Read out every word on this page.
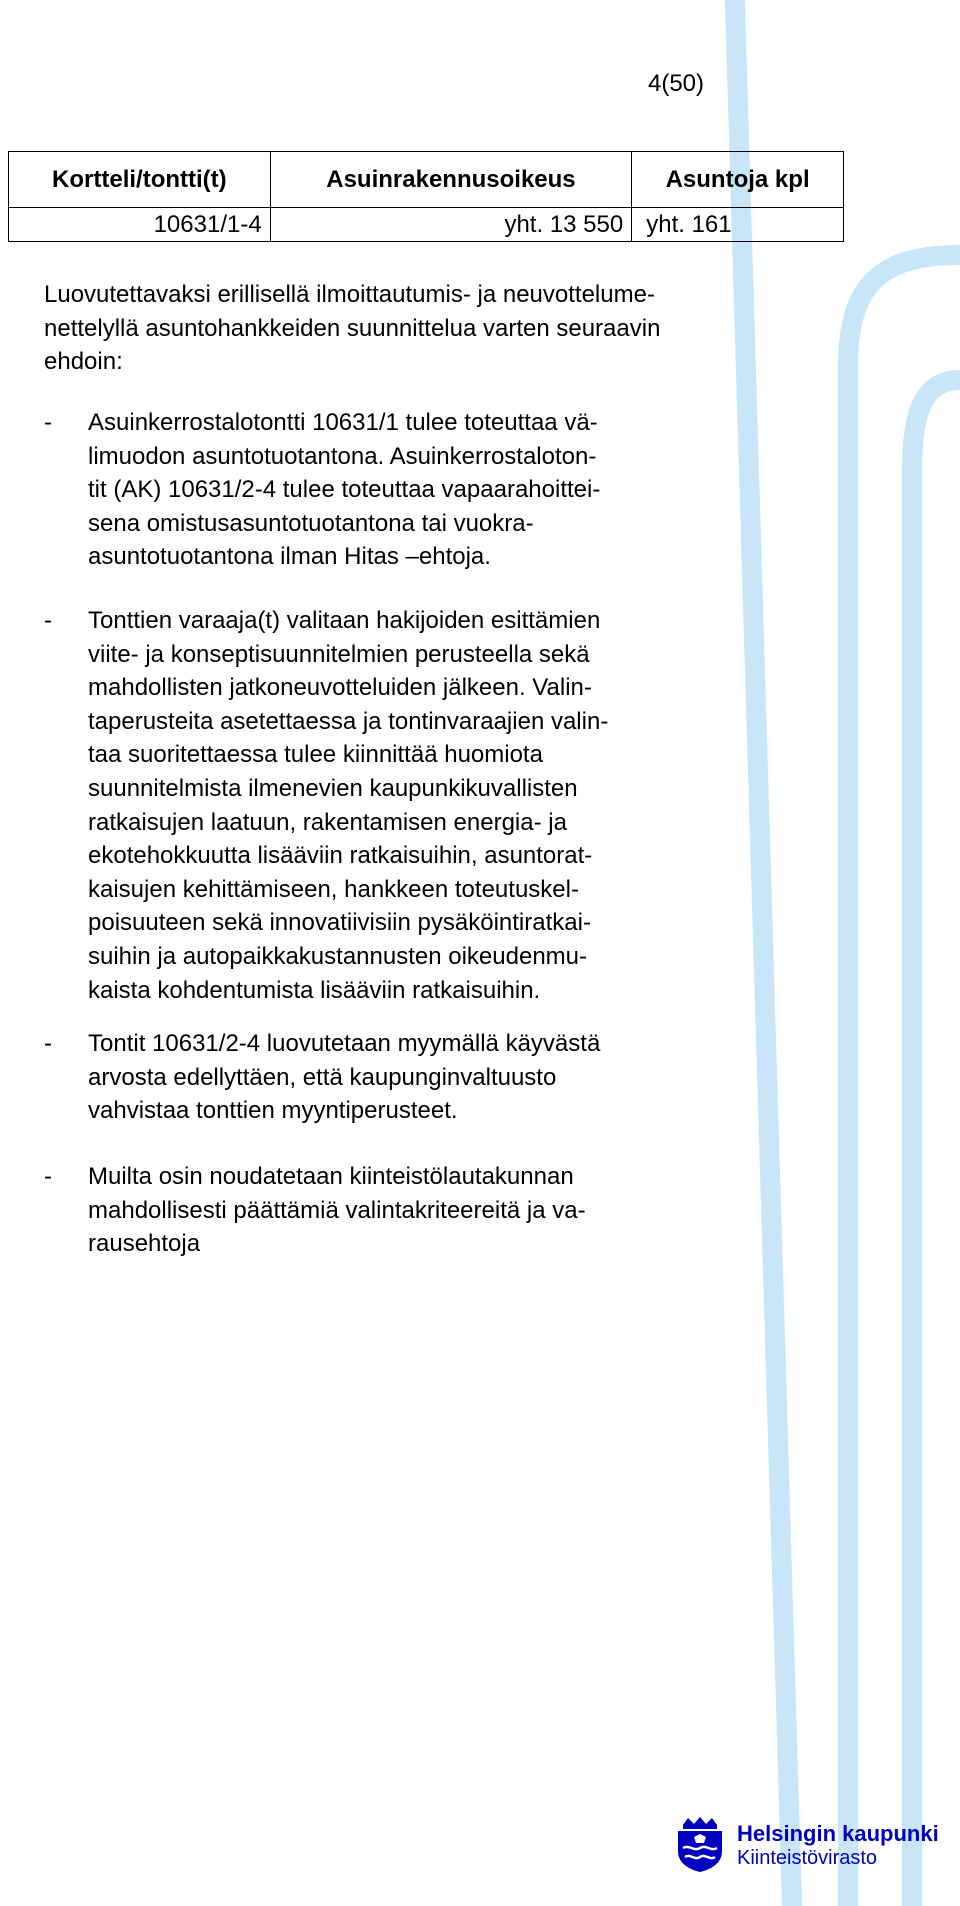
4(50)
Kortteli/tontti(t)	Asuinrakennusoikeus	Asuntoja kpl
10631/1-4	yht. 13 550	yht. 161
Luovutettavaksi erillisellä ilmoittautumis- ja neuvottelume-
nettelyllä asuntohankkeiden suunnittelua varten seuraavin
ehdoin:
- Asuinkerrostalotontti 10631/1 tulee toteuttaa vä-
limuodon asuntotuotantona. Asuinkerrostaloton-
tit (AK) 10631/2-4 tulee toteuttaa vapaarahoittei-
sena omistusasuntotuotantona tai vuokra-
asuntotuotantona ilman Hitas –ehtoja.
- Tonttien varaaja(t) valitaan hakijoiden esittämien
viite- ja konseptisuunnitelmien perusteella sekä
mahdollisten jatkoneuvotteluiden jälkeen. Valin-
taperusteita asetettaessa ja tontinvaraajien valin-
taa suoritettaessa tulee kiinnittää huomiota
suunnitelmista ilmenevien kaupunkikuvallisten
ratkaisujen laatuun, rakentamisen energia- ja
ekotehokkuutta lisääviin ratkaisuihin, asuntorat-
kaisujen kehittämiseen, hankkeen toteutuskel-
poisuuteen sekä innovatiivisiin pysäköintiratkai-
suihin ja autopaikkakustannusten oikeudenmu-
kaista kohdentumista lisääviin ratkaisuihin.
- Tontit 10631/2-4 luovutetaan myymällä käyvästä
arvosta edellyttäen, että kaupunginvaltuusto
vahvistaa tonttien myyntiperusteet.
- Muilta osin noudatetaan kiinteistölautakunnan
mahdollisesti päättämiä valintakriteereitä ja va-
rausehtoja
Helsingin kaupunki
Kiinteistövirasto
